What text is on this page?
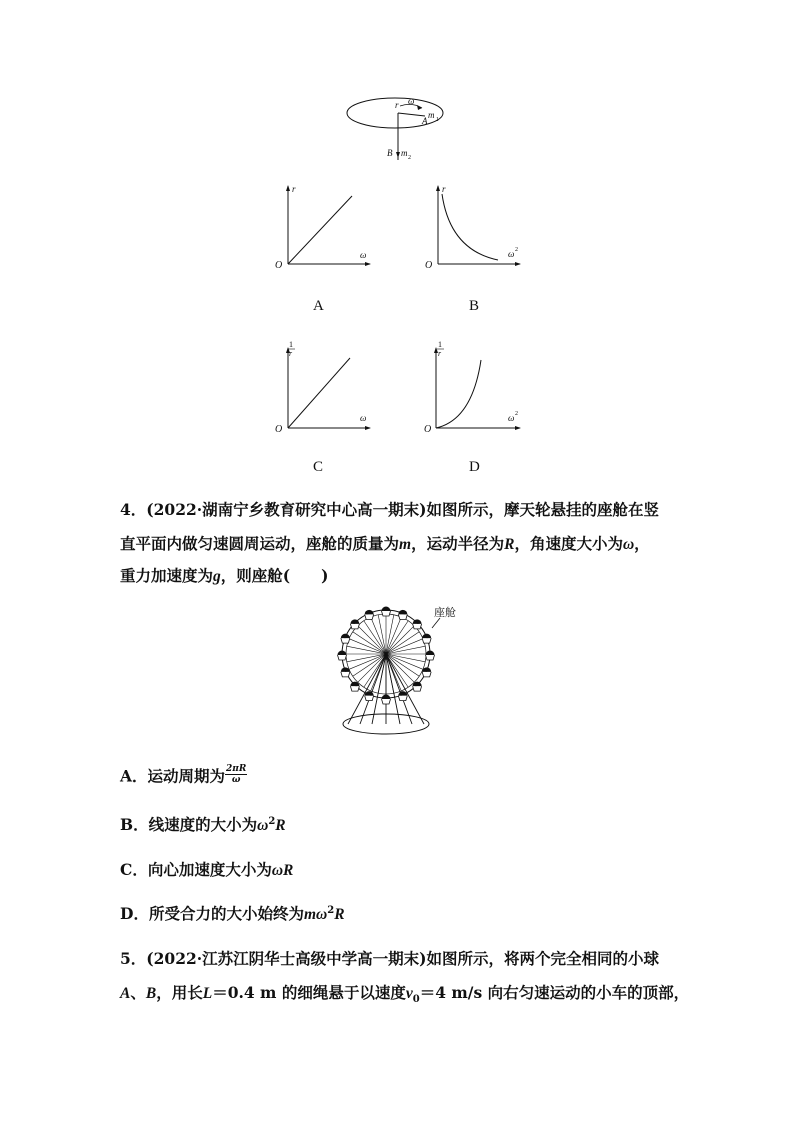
r ω
m 1
A
B m 2
r
ω
O
A
r
ω 2
O
B
1
r
ω
O
C
1
r
ω 2
O
D
4．(2022·湖南宁乡教育研究中心高一期末)如图所示，摩天轮悬挂的座舱在竖
直平面内做匀速圆周运动，座舱的质量为m，运动半径为R，角速度大小为ω，
重力加速度为g，则座舱(　　)
座舱
A．运动周期为 $\frac{2\pi R}{\omega}$
B．线速度的大小为$\omega^2R$
C．向心加速度大小为ωR
D．所受合力的大小始终为$m\omega^2R$
5．(2022·江苏江阴华士高级中学高一期末)如图所示，将两个完全相同的小球
A、B，用长L＝0.4 m 的细绳悬于以速度$v_0=4$ m/s 向右匀速运动的小车的顶部，
